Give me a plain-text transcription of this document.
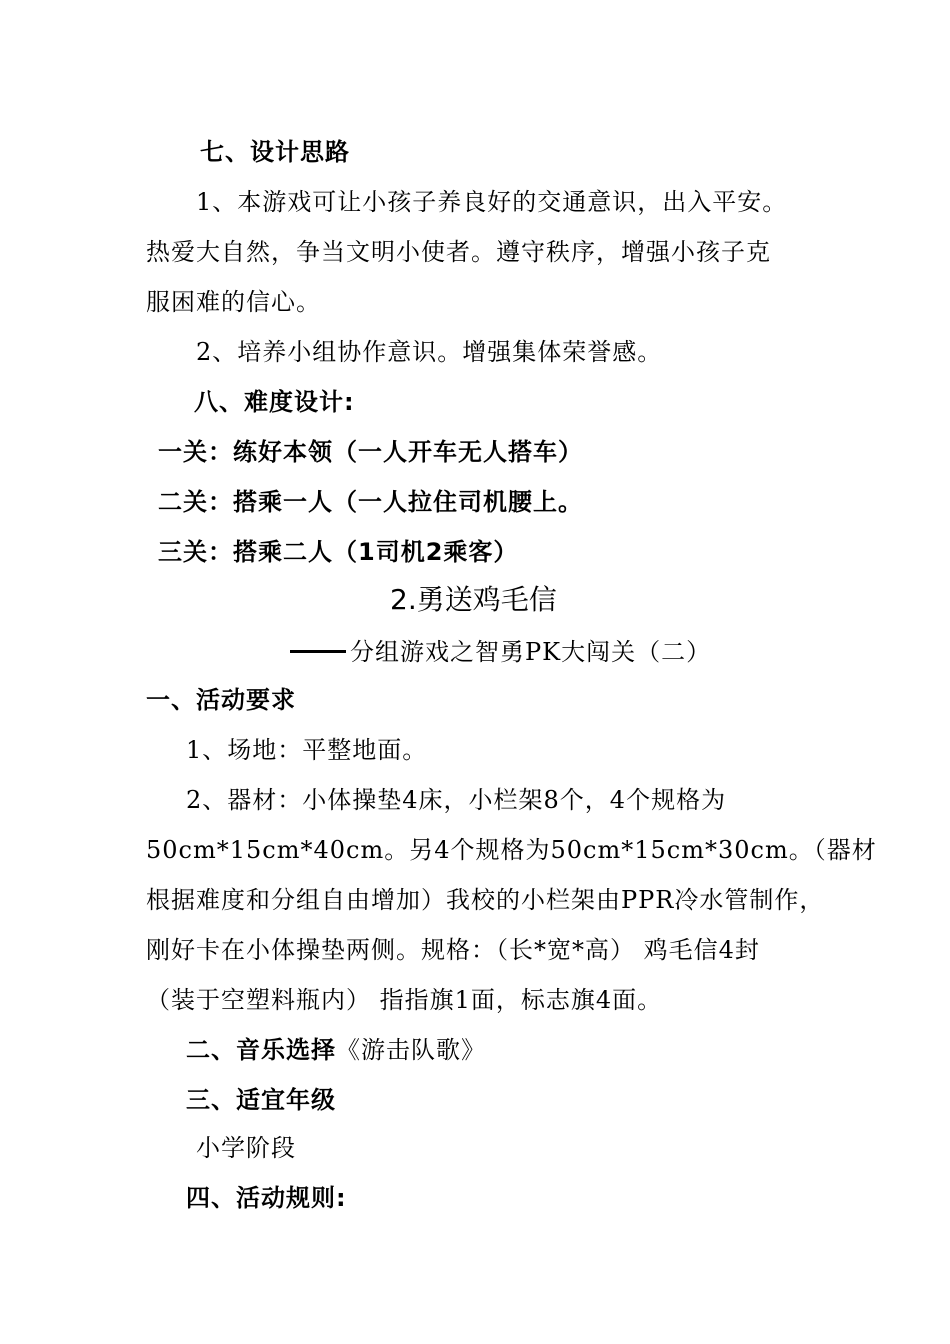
七、设计思路
1、本游戏可让小孩子养良好的交通意识，出入平安。
热爱大自然，争当文明小使者。遵守秩序，增强小孩子克
服困难的信心。
2、培养小组协作意识。增强集体荣誉感。
八、难度设计:
一关：练好本领（一人开车无人搭车）
二关：搭乘一人（一人拉住司机腰上。
三关：搭乘二人（1司机2乘客）
2.勇送鸡毛信
分组游戏之智勇PK大闯关（二）
一、活动要求
1、场地：平整地面。
2、器材：小体操垫4床，小栏架8个，4个规格为
50cm*15cm*40cm。另4个规格为50cm*15cm*30cm。（器材
根据难度和分组自由增加）我校的小栏架由PPR冷水管制作，
刚好卡在小体操垫两侧。规格：（长*宽*高） 鸡毛信4封
（装于空塑料瓶内） 指指旗1面，标志旗4面。
二、音乐选择《游击队歌》
三、适宜年级
小学阶段
四、活动规则:
